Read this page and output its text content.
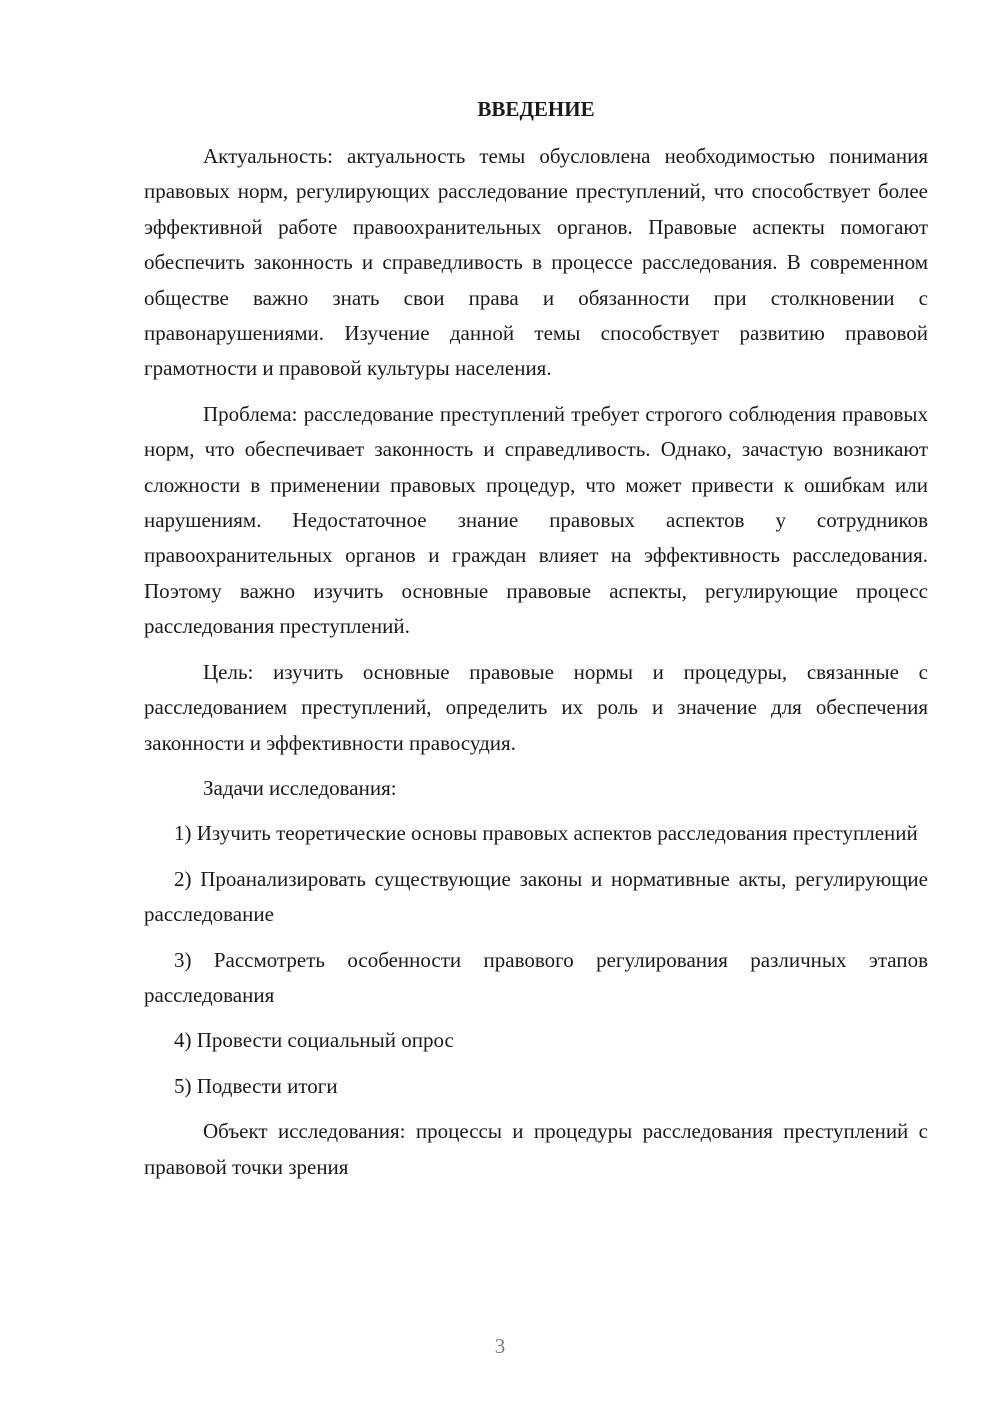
ВВЕДЕНИЕ

Актуальность: актуальность темы обусловлена необходимостью понимания правовых норм, регулирующих расследование преступлений, что способствует более эффективной работе правоохранительных органов. Правовые аспекты помогают обеспечить законность и справедливость в процессе расследования. В современном обществе важно знать свои права и обязанности при столкновении с правонарушениями. Изучение данной темы способствует развитию правовой грамотности и правовой культуры населения.

Проблема: расследование преступлений требует строгого соблюдения правовых норм, что обеспечивает законность и справедливость. Однако, зачастую возникают сложности в применении правовых процедур, что может привести к ошибкам или нарушениям. Недостаточное знание правовых аспектов у сотрудников правоохранительных органов и граждан влияет на эффективность расследования. Поэтому важно изучить основные правовые аспекты, регулирующие процесс расследования преступлений.

Цель: изучить основные правовые нормы и процедуры, связанные с расследованием преступлений, определить их роль и значение для обеспечения законности и эффективности правосудия.

Задачи исследования:

1) Изучить теоретические основы правовых аспектов расследования преступлений
2) Проанализировать существующие законы и нормативные акты, регулирующие расследование
3) Рассмотреть особенности правового регулирования различных этапов расследования
4) Провести социальный опрос
5) Подвести итоги

Объект исследования: процессы и процедуры расследования преступлений с правовой точки зрения

3
